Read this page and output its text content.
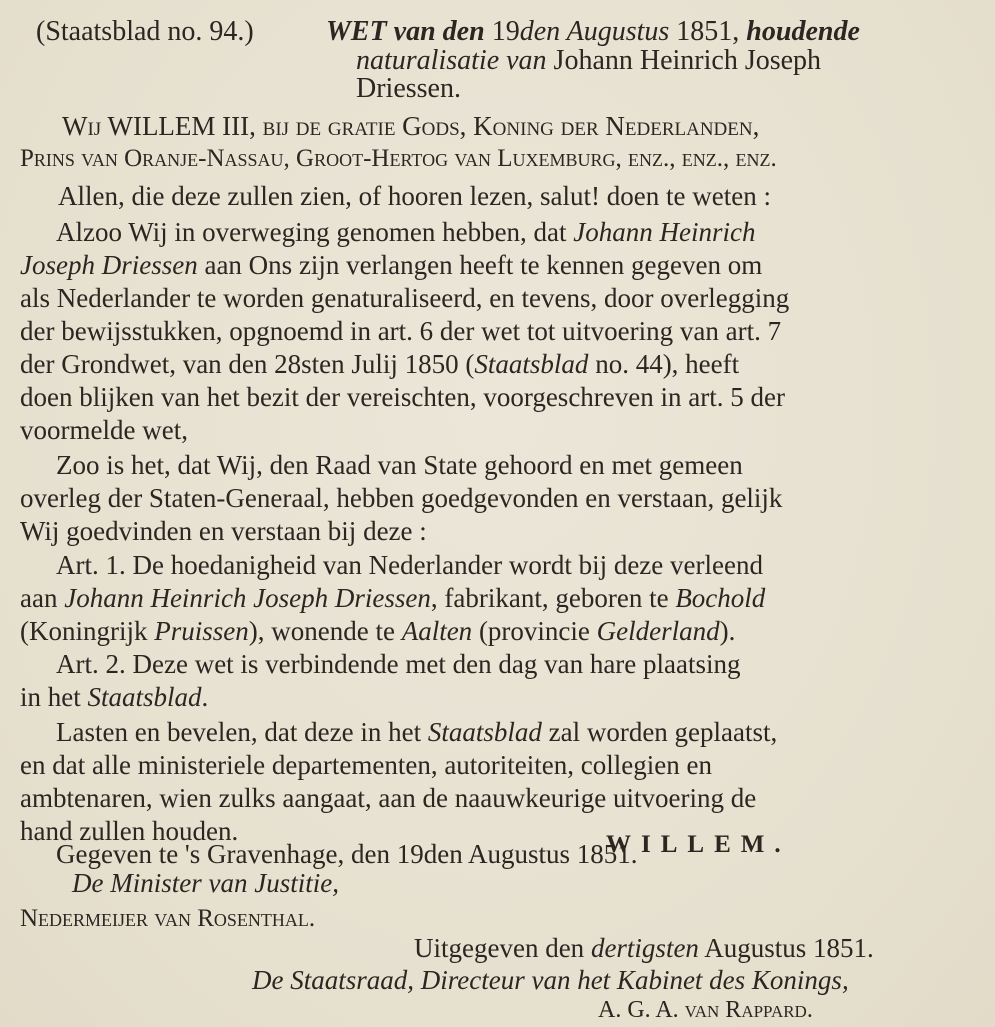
(Staatsblad no. 94.)	WET van den 19den Augustus 1851, houdende
naturalisatie van Johann Heinrich Joseph
Driessen.
Wij WILLEM III, bij de gratie Gods, Koning der Nederlanden,
Prins van Oranje-Nassau, Groot-Hertog van Luxemburg, enz., enz., enz.
Allen, die deze zullen zien, of hooren lezen, salut! doen te weten :
Alzoo Wij in overweging genomen hebben, dat Johann Heinrich
Joseph Driessen aan Ons zijn verlangen heeft te kennen gegeven om
als Nederlander te worden genaturaliseerd, en tevens, door overlegging
der bewijsstukken, opgnoemd in art. 6 der wet tot uitvoering van art. 7
der Grondwet, van den 28sten Julij 1850 (Staatsblad no. 44), heeft
doen blijken van het bezit der vereischten, voorgeschreven in art. 5 der
voormelde wet,
Zoo is het, dat Wij, den Raad van State gehoord en met gemeen
overleg der Staten-Generaal, hebben goedgevonden en verstaan, gelijk
Wij goedvinden en verstaan bij deze :
Art. 1. De hoedanigheid van Nederlander wordt bij deze verleend
aan Johann Heinrich Joseph Driessen, fabrikant, geboren te Bochold
(Koningrijk Pruissen), wonende te Aalten (provincie Gelderland).
Art. 2. Deze wet is verbindende met den dag van hare plaatsing
in het Staatsblad.
Lasten en bevelen, dat deze in het Staatsblad zal worden geplaatst,
en dat alle ministeriele departementen, autoriteiten, collegien en
ambtenaren, wien zulks aangaat, aan de naauwkeurige uitvoering de
hand zullen houden.
Gegeven te 's Gravenhage, den 19den Augustus 1851.
WILLEM.
De Minister van Justitie,
Nedermeijer van Rosenthal.
Uitgegeven den dertigsten Augustus 1851.
De Staatsraad, Directeur van het Kabinet des Konings,
A. G. A. van Rappard.
